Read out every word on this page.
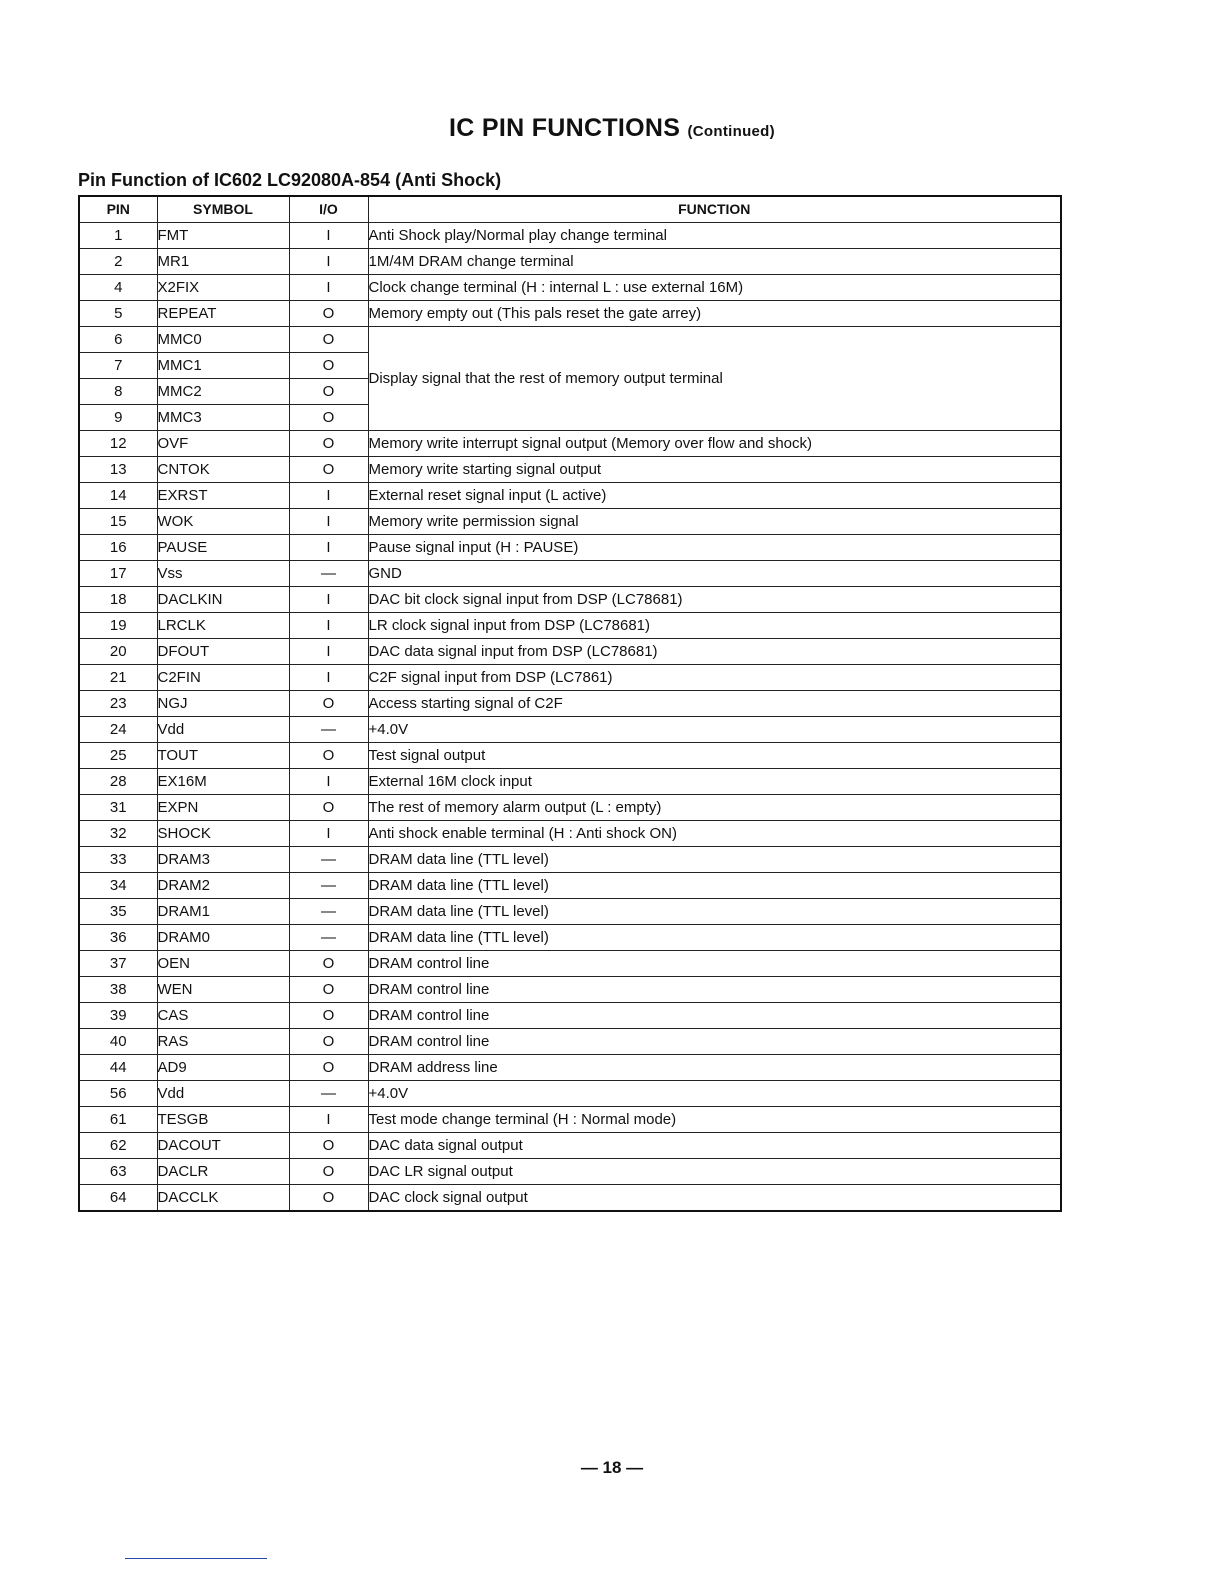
IC PIN FUNCTIONS (Continued)
Pin Function of IC602 LC92080A-854 (Anti Shock)
PIN	SYMBOL	I/O	FUNCTION
1	FMT	I	Anti Shock play/Normal play change terminal
2	MR1	I	1M/4M DRAM change terminal
4	X2FIX	I	Clock change terminal (H : internal L : use external 16M)
5	REPEAT	O	Memory empty out (This pals reset the gate arrey)
6	MMC0	O	Display signal that the rest of memory output terminal
7	MMC1	O	
8	MMC2	O	
9	MMC3	O	
12	OVF	O	Memory write interrupt signal output (Memory over flow and shock)
13	CNTOK	O	Memory write starting signal output
14	EXRST	I	External reset signal input (L active)
15	WOK	I	Memory write permission signal
16	PAUSE	I	Pause signal input (H : PAUSE)
17	Vss	—	GND
18	DACLKIN	I	DAC bit clock signal input from DSP (LC78681)
19	LRCLK	I	LR clock signal input from DSP (LC78681)
20	DFOUT	I	DAC data signal input from DSP (LC78681)
21	C2FIN	I	C2F signal input from DSP (LC7861)
23	NGJ	O	Access starting signal of C2F
24	Vdd	—	+4.0V
25	TOUT	O	Test signal output
28	EX16M	I	External 16M clock input
31	EXPN	O	The rest of memory alarm output (L : empty)
32	SHOCK	I	Anti shock enable terminal (H : Anti shock ON)
33	DRAM3	—	DRAM data line (TTL level)
34	DRAM2	—	DRAM data line (TTL level)
35	DRAM1	—	DRAM data line (TTL level)
36	DRAM0	—	DRAM data line (TTL level)
37	OEN	O	DRAM control line
38	WEN	O	DRAM control line
39	CAS	O	DRAM control line
40	RAS	O	DRAM control line
44	AD9	O	DRAM address line
56	Vdd	—	+4.0V
61	TESGB	I	Test mode change terminal (H : Normal mode)
62	DACOUT	O	DAC data signal output
63	DACLR	O	DAC LR signal output
64	DACCLK	O	DAC clock signal output
— 18 —
